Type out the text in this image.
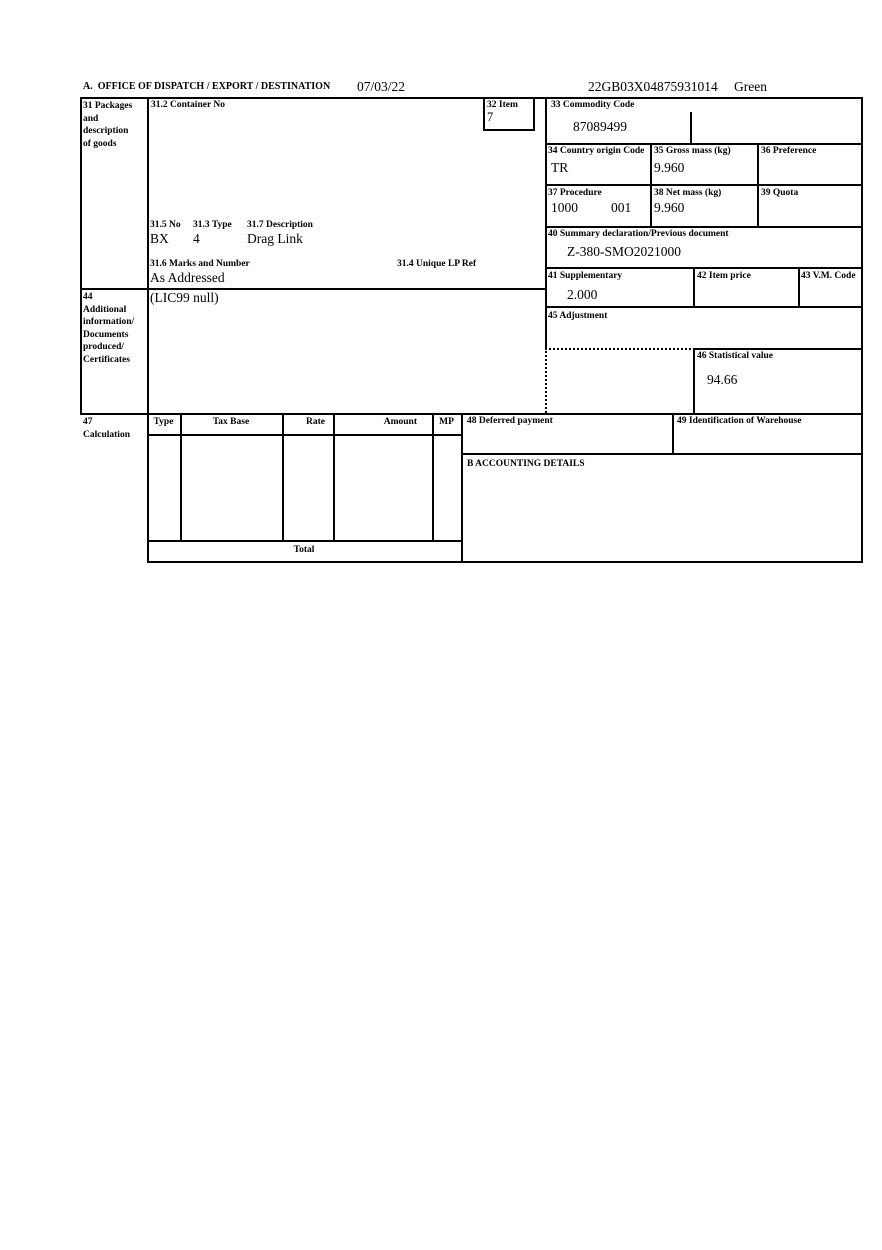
A.  OFFICE OF DISPATCH / EXPORT / DESTINATION 07/03/22	22GB03X04875931014 Green
31 Packages
and
description
of goods
31.2 Container No	32 Item
7
31.5 No 31.3 Type 31.7 Description
BX 4	Drag Link
31.6 Marks and Number	31.4 Unique LP Ref
As Addressed
33 Commodity Code
87089499
34 Country origin Code
TR
35 Gross mass (kg)
9.960
36 Preference
37 Procedure
1000 001
38 Net mass (kg)
9.960
39 Quota
40 Summary declaration/Previous document
Z-380-SMO2021000
41 Supplementary
2.000
42 Item price	43 V.M. Code
45 Adjustment
46 Statistical value
94.66
44
Additional
information/
Documents
produced/
Certificates
(LIC99 null)
47
Calculation
Type	Tax Base	Rate	Amount	MP
Total
48 Deferred payment	49 Identification of Warehouse
B ACCOUNTING DETAILS
